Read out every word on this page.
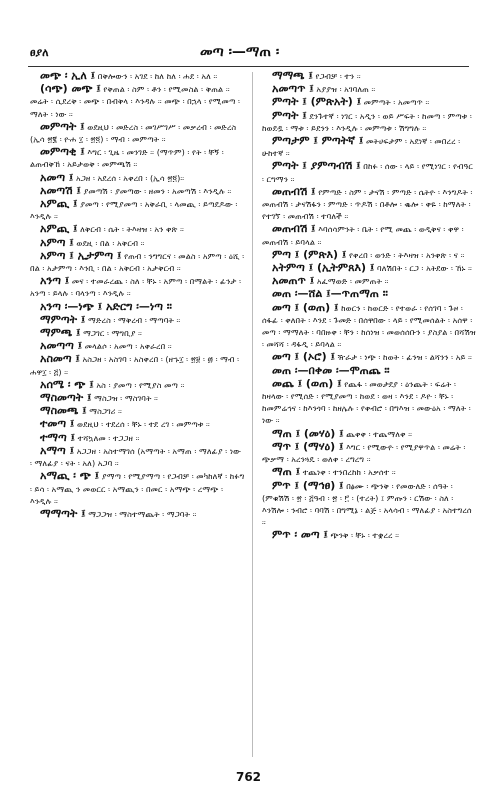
ፀያለ	መጣ ፡—ማጠ ፡
መጭ ፡ ኢለ ፤ በቅሎውን ፡ አገደ ፡ ከለ ከለ ፡ ሐደ ፡ አለ ።
(ሳጭ) መጭ ፤ የቅጠል ፡ ስም ፡ ቶን ፡ የሚመስል ፡ ቅጠል ። መሬት ፡ ሲደረቅ ፡ መጭ ፡ በብቅላ ፡ እንዳሉ ። መጭ ፡ በኋላ ፡ የሚመጣ ፡ ማለት ፡ ነው ።
መምጣት ፤ ወደዚህ ፡ መድረስ ፡ መገሥገሥ ፡ መቃረብ ፡ መድረስ (ኢሳ ፳፪ ፡ ዮሐ ፲ ፡ ፳፬) ፡ ማብ ፡ መምጣት ።
መምጣቂ ፤ እግር ፡ ጊዜ ፡ መንገድ ። (ማጥም) ፡ የት ፡ ቸኝ ፡ ልጠብቅኸ ፡ አይታወቅ ፡ መምጫሽ ።
አመጣ ፤ አጋዘ ፡ አደረሰ ፡ አቀረበ ፡ (ኢሳ ፳፬)።
አመጣሽ ፤ ያመጣሽ ፡ ያመጣው ፡ ዘመን ፡ አመጣሽ ፡ እንዲሉ ።
አምጪ ፤ ያመጣ ፡ የሚያመጣ ፡ አቅራቢ ፡ ላመጪ ፡ ይጣደዶው ፡ እንዲሉ ።
አምጪ ፤ ለቅርብ ፡ ሴት ፡ ትእዛዝ ፡ አን ቀጽ ።
አምጣ ፤ ወደዚ ፡ በል ፡ አቅርብ ።
አምጣ ፤ ኢታምጣ ፤ የጠብ ፡ ንግግርና ፡ መልስ ፡ አምጣ ፡ ዕሺ ፡ በል ፡ አታምጣ ፡ እንቢ ፡ በል ፡ አቅርብ ፡ አታቅርብ ።
አንጣ ፤ መና ፡ ተመራረጨ ፡ ስለ ፡ ቸኑ ፡ አምጣ ፡ በማልት ፡ ፊንታ ፡ አንጣ ፡ ይላሉ ፡ ባላንጣ ፡ እንዲሉ ።
አንጣ ፡—ነጭ ፤ አድርግ ፡—ነጣ ።
ማምጣት ፤ ማድረስ ፡ ማቅረብ ፡ ማጣባት ።
ማምጫ ፤ ማጋገር ፡ ማግቢያ ።
አመጣጣ ፤ መላልሶ ፡ አመጣ ፡ አቀራረበ ።
አስመጣ ፤ አስጋዘ ፡ አስገባ ፡ አስቀረበ ፡ (ዘኁ፲ ፡ ፳፱ ፡ ፴ ፡ ማብ ፡ ሐዋ፲ ፡ ፭) ።
አሰሜ ፡ ጭ ፤ አስ ፡ ያመጣ ፡ የሚያስ መጣ ።
ማስመጣት ፤ ማስጋዝ ፡ ማስገባት ።
ማስመጫ ፤ ማስጋገሪ ።
ተመጣ ፤ ወደዚህ ፡ ተደረሰ ፡ ቸኑ ፡ ተደ ረገ ፡ መምጣቱ ።
ተማጣ ፤ ተሻኳለመ ፡ ተጋጋዘ ።
አማጣ ፤ አጋጋዘ ፡ አስተማገሰ (አማጣት ፡ አማጠ ፡ ማለፊያ ፡ ነው ፡ ማለፊያ ፡ ናት ፡ አለ) አጋባ ።
አማጪ ፡ ጭ ፤ ያማጣ ፡ የሚያማጣ ፡ የጋብቻ ፡ መካከለኛ ፡ ከፉግ ፡ ይሳ ፡ አማጪ ን መወርር ፡ አማጪን ፡ በመር ፡ አማጭ ፡ ረማጭ ፡ እንዲሉ ።
ማማጣት ፤ ማጋጋዝ ፡ ማስተማጨት ፡ ማጋባት ።
ማማጫ ፤ የጋብቻ ፡ ተን ።
አመጣጥ ፤ አያያዝ ፡ አገባለጠ ።
ምጣት ፤ (ምጽአት) ፤ መምጣት ፡ አመጣጥ ።
ምጣት ፤ ደንጉተኛ ፡ ነገር ፡ አዲን ፡ ወይ ሥፍት ፡ ከመጣ ፡ ምጣቱ ፡ ከወደዷ ፡ ማቱ ፡ ይደንን ፡ እንዲሉ ፡ መምጣቱ ፡ ሽግግሉ ።
ምጣታም ፤ ምጣትኛ ፤ መትሀፍታም ፡ አደነኛ ፡ መበረረ ፡ ሁከተኛ ።
ምጣት ፤ ያምጣብሽ ፤ በከፉ ፡ ሰው ፡ ላይ ፡ የሚነገር ፡ የብዓር ፡ ርግማን ።
መጠብሽ ፤ የምጣድ ፡ ስም ፡ ታናሽ ፡ ምጣድ ፡ ሴትዮ ፡ እንግዶት ፡ መጠብሽ ፡ ታናሽፋን ፡ ምጣድ ፡ ጥዶሽ ፡ በቶሎ ፡ ቈሎ ፡ ቀዬ ፡ ከማለት ፡ የተገኘ ፡ መጠብሽ ፡ ተባለች ።
መጠብሽ ፤ እባሰሳምንት ፡ ቤት ፡ የሚ መጨ ፡ ወዲቅና ፡ ቀዋ ፡ መጠብሽ ፡ ይባላል ።
ምጣ ፤ (ምጽእ) ፤ የቀረበ ፡ ወንድ ፡ ትእዛዝ ፡ አንቀጽ ፡ ና ።
አትምጣ ፤ (ኢትምጸእ) ፤ ባለሽበት ፡ ርጋ ፡ አትደው ፡ ኸኑ ።
አመጠጥ ፤ አፈማወድ ፡ መምጠት ።
መጠ ፡—ሸል ፤—ጥጠማጠ ።
መጣ ፤ (ወጠ) ፤ ከወርን ፡ ከወርድ ፡ የተወራ ፡ የሰገባ ፡ ጉዞ ፡ ሰፋፊ ፡ ቀለበት ፡ እንደ ፡ ጉመድ ፡ በሰዋበው ፡ ላይ ፡ የሚመሰልት ፡ አሰዋ ፡ መጣ ፡ ማማለት ፡ ባበዙቀ ፡ ቸን ፡ ከሰነዝ ፡ መወሰሰቡን ፡ ያስያል ፡ በሻሽዝ ፡ መሻሻ ፡ ዳፋዲ ፡ ይባላል ።
መጣ ፤ (ኦሮ) ፤ ዥራታ ፡ ነጭ ፡ ከወት ፡ ፊንዝ ፡ ልሻንን ፡ አይ ።
መጠ ፡—በቀመ ፡—ሞጠጨ ።
መጨ ፤ (ወጠ) ፤ የጨፋ ፡ መወታደያ ፡ ዕንጨት ፡ ፍሬት ፡ ከዛላው ፡ የሚሰድ ፡ የሚያመጣ ፡ ከወደ ፡ ወዛ ፡ እንደ ፡ ዶዮ ፡ ቸኑ ፡ ከመምሬኅና ፡ ከእንጎባ ፡ ከዘሌሉ ፡ የቀብሮ ፡ በግእዝ ፡ መውዕአ ፡ ማለት ፡ ነው ።
ማጠ ፤ (መሃዕ) ፤ ጨቀቀ ፡ ተጨማለቀ ።
ማጥ ፤ (ማሃዕ) ፤ እግር ፡ የሚውዮ ፡ የሚያዋጥል ፡ መሬት ፡ ጭቃማ ፡ አረንጓዴ ፡ ወለቀ ፡ ረግረግ ።
ማጠ ፤ ተጨነቀ ፡ ተንበረከከ ፡ አቃሰተ ።
ምጥ ፤ (ማኅፀ) ፤ በፅሙ ፡ ጭንቅ ፡ የመውለድ ፡ ሰዓት ፡ (ምቁሽሽ ፡ ፳ ፡ ፭ዓብ ፡ ፳ ፡ ፫ ፡ (ተረት) ፤ ምጡን ፡ ርሽው ፡ ስለ ፡ እንሽሎ ፡ ንብሮ ፡ ባባሽ ፡ በግሚኔ ፡ ልጅ ፡ አላሳብ ፡ ማለፊያ ፡ አስተግረሰ ።
ምጥ ፡ መጣ ፤ ጭንቅ ፡ ቸኑ ፡ ተቋረረ ።
762
